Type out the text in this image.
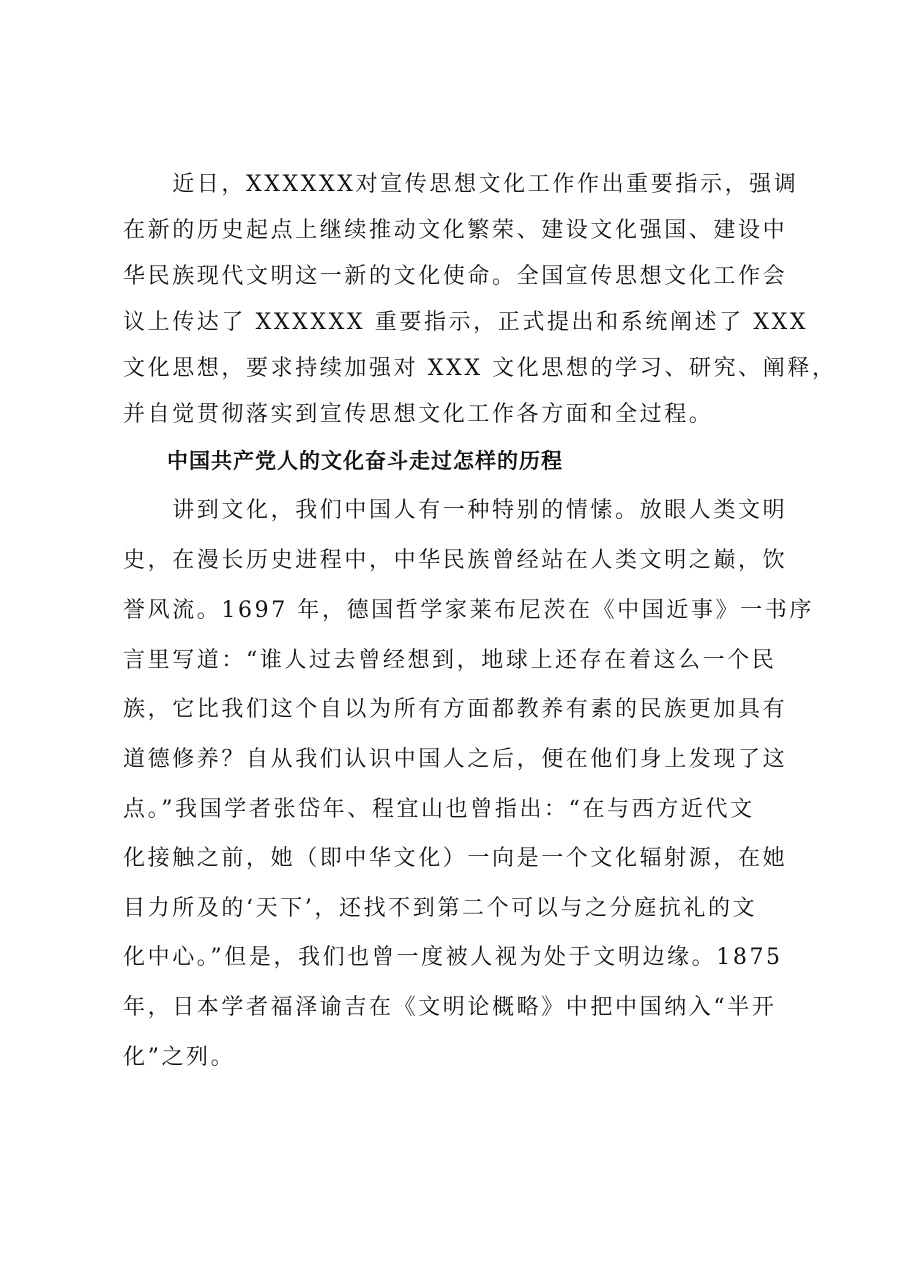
　　近日，XXXXXX对宣传思想文化工作作出重要指示，强调
在新的历史起点上继续推动文化繁荣、建设文化强国、建设中
华民族现代文明这一新的文化使命。全国宣传思想文化工作会
议上传达了 XXXXXX 重要指示，正式提出和系统阐述了 XXX
文化思想，要求持续加强对 XXX 文化思想的学习、研究、阐释，
并自觉贯彻落实到宣传思想文化工作各方面和全过程。
　　中国共产党人的文化奋斗走过怎样的历程
　　讲到文化，我们中国人有一种特别的情愫。放眼人类文明
史，在漫长历史进程中，中华民族曾经站在人类文明之巅，饮
誉风流。1697 年，德国哲学家莱布尼茨在《中国近事》一书序
言里写道：“谁人过去曾经想到，地球上还存在着这么一个民
族，它比我们这个自以为所有方面都教养有素的民族更加具有
道德修养？自从我们认识中国人之后，便在他们身上发现了这
点。”我国学者张岱年、程宜山也曾指出：“在与西方近代文
化接触之前，她（即中华文化）一向是一个文化辐射源，在她
目力所及的‘天下’，还找不到第二个可以与之分庭抗礼的文
化中心。”但是，我们也曾一度被人视为处于文明边缘。1875
年，日本学者福泽谕吉在《文明论概略》中把中国纳入“半开
化”之列。
